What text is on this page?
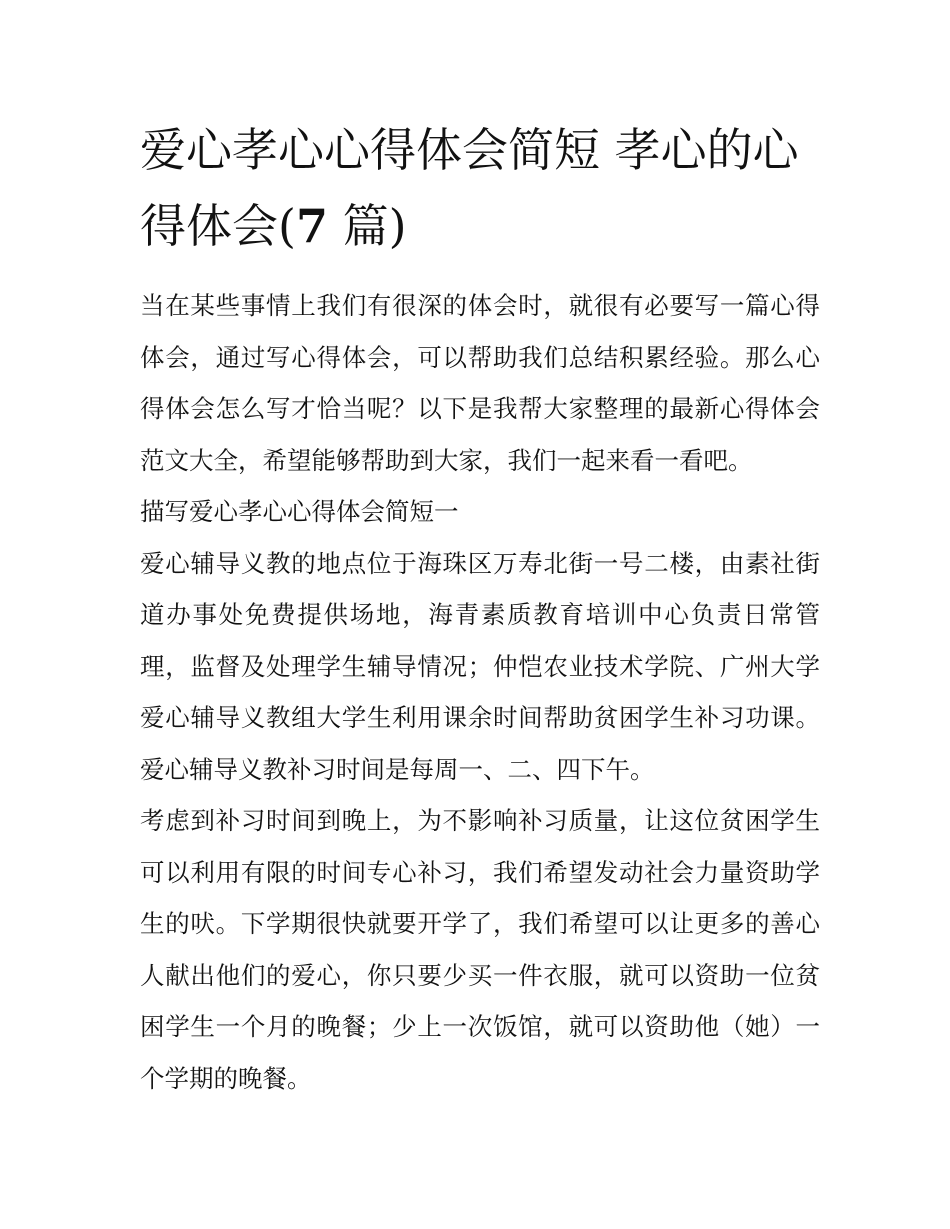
爱心孝心心得体会简短 孝心的心得体会(7 篇)

当在某些事情上我们有很深的体会时，就很有必要写一篇心得体会，通过写心得体会，可以帮助我们总结积累经验。那么心得体会怎么写才恰当呢？以下是我帮大家整理的最新心得体会范文大全，希望能够帮助到大家，我们一起来看一看吧。

描写爱心孝心心得体会简短一

爱心辅导义教的地点位于海珠区万寿北街一号二楼，由素社街道办事处免费提供场地，海青素质教育培训中心负责日常管理，监督及处理学生辅导情况；仲恺农业技术学院、广州大学爱心辅导义教组大学生利用课余时间帮助贫困学生补习功课。爱心辅导义教补习时间是每周一、二、四下午。

考虑到补习时间到晚上，为不影响补习质量，让这位贫困学生可以利用有限的时间专心补习，我们希望发动社会力量资助学生的吠。下学期很快就要开学了，我们希望可以让更多的善心人献出他们的爱心，你只要少买一件衣服，就可以资助一位贫困学生一个月的晚餐；少上一次饭馆，就可以资助他（她）一个学期的晚餐。
